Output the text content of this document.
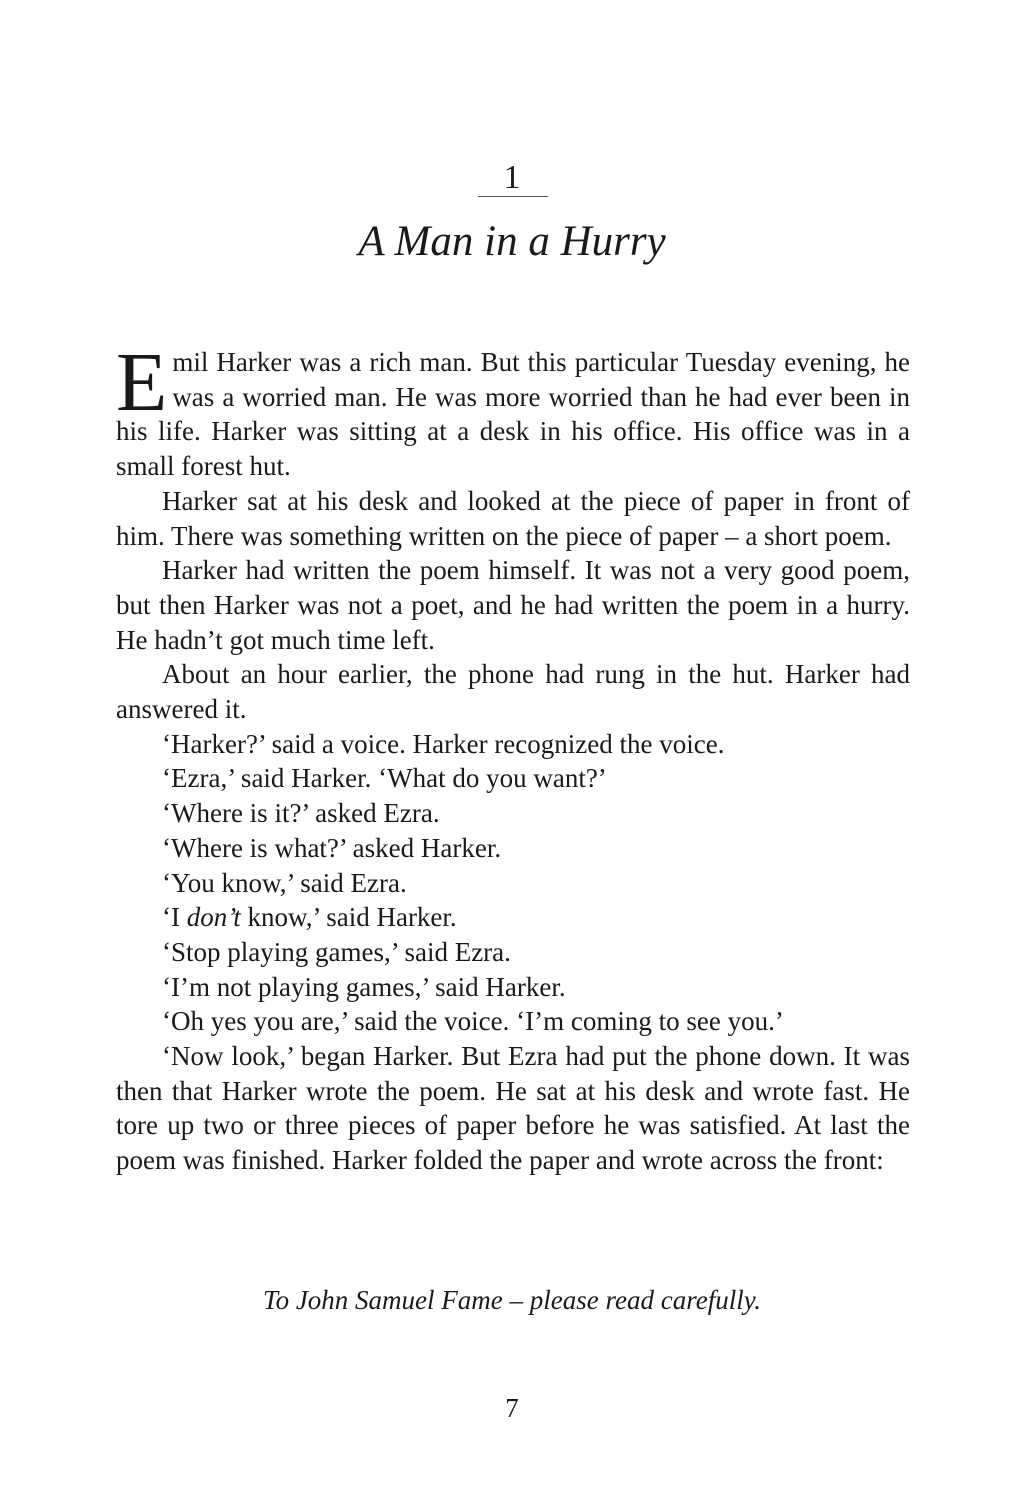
1
A Man in a Hurry

Emil Harker was a rich man. But this particular Tuesday evening, he was a worried man. He was more worried than he had ever been in his life. Harker was sitting at a desk in his office. His office was in a small forest hut.

Harker sat at his desk and looked at the piece of paper in front of him. There was something written on the piece of paper – a short poem.

Harker had written the poem himself. It was not a very good poem, but then Harker was not a poet, and he had written the poem in a hurry. He hadn’t got much time left.

About an hour earlier, the phone had rung in the hut. Harker had answered it.

‘Harker?’ said a voice. Harker recognized the voice.

‘Ezra,’ said Harker. ‘What do you want?’

‘Where is it?’ asked Ezra.

‘Where is what?’ asked Harker.

‘You know,’ said Ezra.

‘I don’t know,’ said Harker.

‘Stop playing games,’ said Ezra.

‘I’m not playing games,’ said Harker.

‘Oh yes you are,’ said the voice. ‘I’m coming to see you.’

‘Now look,’ began Harker. But Ezra had put the phone down. It was then that Harker wrote the poem. He sat at his desk and wrote fast. He tore up two or three pieces of paper before he was satisfied. At last the poem was finished. Harker folded the paper and wrote across the front:

To John Samuel Fame – please read carefully.
7
